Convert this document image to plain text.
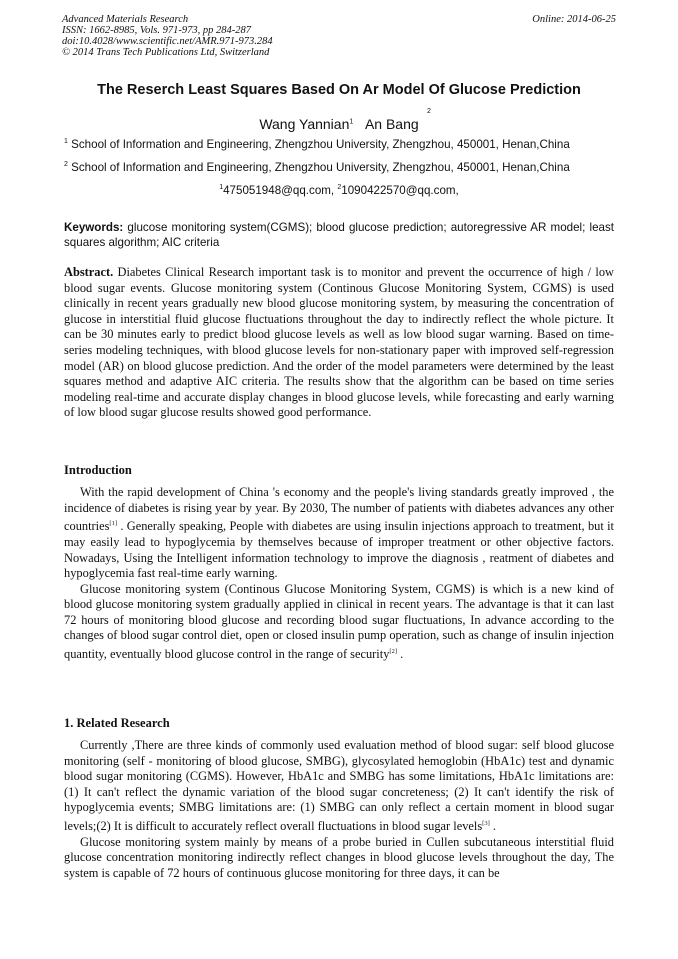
Advanced Materials Research
ISSN: 1662-8985, Vols. 971-973, pp 284-287
doi:10.4028/www.scientific.net/AMR.971-973.284
© 2014 Trans Tech Publications Ltd, Switzerland
Online: 2014-06-25
The Reserch Least Squares Based On Ar Model Of Glucose Prediction
Wang Yannian$^1$ An Bang
2
$^1$ School of Information and Engineering, Zhengzhou University, Zhengzhou, 450001, Henan,China
$^2$ School of Information and Engineering, Zhengzhou University, Zhengzhou, 450001, Henan,China
$^1$475051948@qq.com, $^2$1090422570@qq.com,
Keywords: glucose monitoring system(CGMS); blood glucose prediction; autoregressive AR model; least squares algorithm; AIC criteria

Abstract. Diabetes Clinical Research important task is to monitor and prevent the occurrence of high / low blood sugar events. Glucose monitoring system (Continous Glucose Monitoring System, CGMS) is used clinically in recent years gradually new blood glucose monitoring system, by measuring the concentration of glucose in interstitial fluid glucose fluctuations throughout the day to indirectly reflect the whole picture. It can be 30 minutes early to predict blood glucose levels as well as low blood sugar warning. Based on time-series modeling techniques, with blood glucose levels for non-stationary paper with improved self-regression model (AR) on blood glucose prediction. And the order of the model parameters were determined by the least squares method and adaptive AIC criteria. The results show that the algorithm can be based on time series modeling real-time and accurate display changes in blood glucose levels, while forecasting and early warning of low blood sugar glucose results showed good performance.

Introduction

With the rapid development of China 's economy and the people's living standards greatly improved , the incidence of diabetes is rising year by year. By 2030, The number of patients with diabetes advances any other countries[1] . Generally speaking, People with diabetes are using insulin injections approach to treatment, but it may easily lead to hypoglycemia by themselves because of improper treatment or other objective factors. Nowadays, Using the Intelligent information technology to improve the diagnosis , reatment of diabetes and hypoglycemia fast real-time early warning.

Glucose monitoring system (Continous Glucose Monitoring System, CGMS) is which is a new kind of blood glucose monitoring system gradually applied in clinical in recent years. The advantage is that it can last 72 hours of monitoring blood glucose and recording blood sugar fluctuations, In advance according to the changes of blood sugar control diet, open or closed insulin pump operation, such as change of insulin injection quantity, eventually blood glucose control in the range of security[2] .

1. Related Research

Currently ,There are three kinds of commonly used evaluation method of blood sugar: self blood glucose monitoring (self - monitoring of blood glucose, SMBG), glycosylated hemoglobin (HbA1c) test and dynamic blood sugar monitoring (CGMS). However, HbA1c and SMBG has some limitations, HbA1c limitations are:(1) It can't reflect the dynamic variation of the blood sugar concreteness; (2) It can't identify the risk of hypoglycemia events; SMBG limitations are: (1) SMBG can only reflect a certain moment in blood sugar levels;(2) It is difficult to accurately reflect overall fluctuations in blood sugar levels[3] .

Glucose monitoring system mainly by means of a probe buried in Cullen subcutaneous interstitial fluid glucose concentration monitoring indirectly reflect changes in blood glucose levels throughout the day, The system is capable of 72 hours of continuous glucose monitoring for three days, it can be
